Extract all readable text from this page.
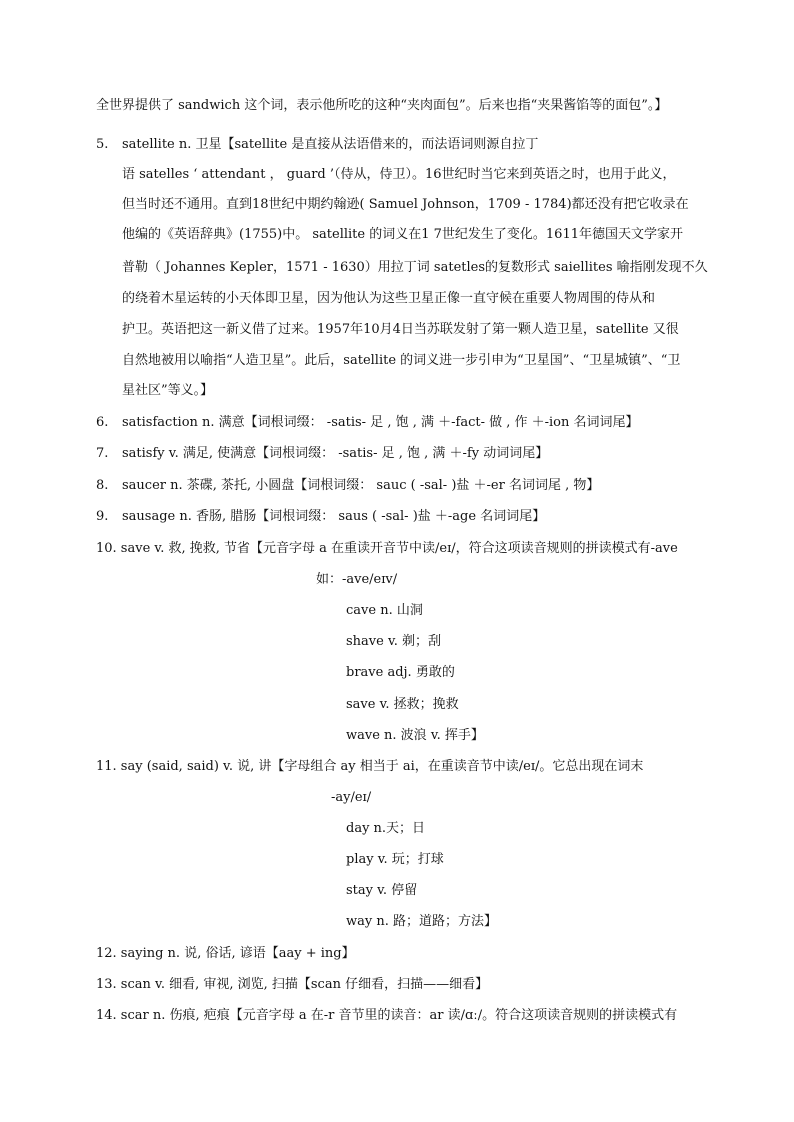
全世界提供了 sandwich 这个词，表示他所吃的这种“夹肉面包”。后来也指“夹果酱馅等的面包”。】
5. satellite n. 卫星【satellite 是直接从法语借来的，而法语词则源自拉丁
语 satelles ‘ attendant ， guard ’（侍从，侍卫）。16世纪时当它来到英语之时，也用于此义，
但当时还不通用。直到18世纪中期约翰逊( Samuel Johnson，1709 - 1784)都还没有把它收录在
他编的《英语辞典》(1755)中。 satellite 的词义在1 7世纪发生了变化。1611年德国天文学家开
普勒（ Johannes Kepler，1571 - 1630）用拉丁词 satetles的复数形式 saiellites 喻指刚发现不久
的绕着木星运转的小天体即卫星，因为他认为这些卫星正像一直守候在重要人物周围的侍从和
护卫。英语把这一新义借了过来。1957年10月4日当苏联发射了第一颗人造卫星，satellite 又很
自然地被用以喻指“人造卫星”。此后，satellite 的词义进一步引申为“卫星国”、“卫星城镇”、“卫
星社区”等义。】
6. satisfaction n. 满意【词根词缀： -satis- 足 , 饱 , 满 ＋-fact- 做 , 作 ＋-ion 名词词尾】
7. satisfy v. 满足, 使满意【词根词缀： -satis- 足 , 饱 , 满 ＋-fy 动词词尾】
8. saucer n. 茶碟, 茶托, 小圆盘【词根词缀： sauc ( -sal- )盐 ＋-er 名词词尾 , 物】
9. sausage n. 香肠, 腊肠【词根词缀： saus ( -sal- )盐 ＋-age 名词词尾】
10. save v. 救, 挽救, 节省【元音字母 a 在重读开音节中读/eɪ/，符合这项读音规则的拼读模式有-ave
如：-ave/eɪv/
cave n. 山洞
shave v. 剃；刮
brave adj. 勇敢的
save v. 拯救；挽救
wave n. 波浪 v. 挥手】
11. say (said, said) v. 说, 讲【字母组合 ay 相当于 ai，在重读音节中读/eɪ/。它总出现在词末
-ay/eɪ/
day n.天；日
play v. 玩；打球
stay v. 停留
way n. 路；道路；方法】
12. saying n. 说, 俗话, 谚语【aay + ing】
13. scan v. 细看, 审视, 浏览, 扫描【scan 仔细看，扫描——细看】
14. scar n. 伤痕, 疤痕【元音字母 a 在-r 音节里的读音：ar 读/ɑː/。符合这项读音规则的拼读模式有
